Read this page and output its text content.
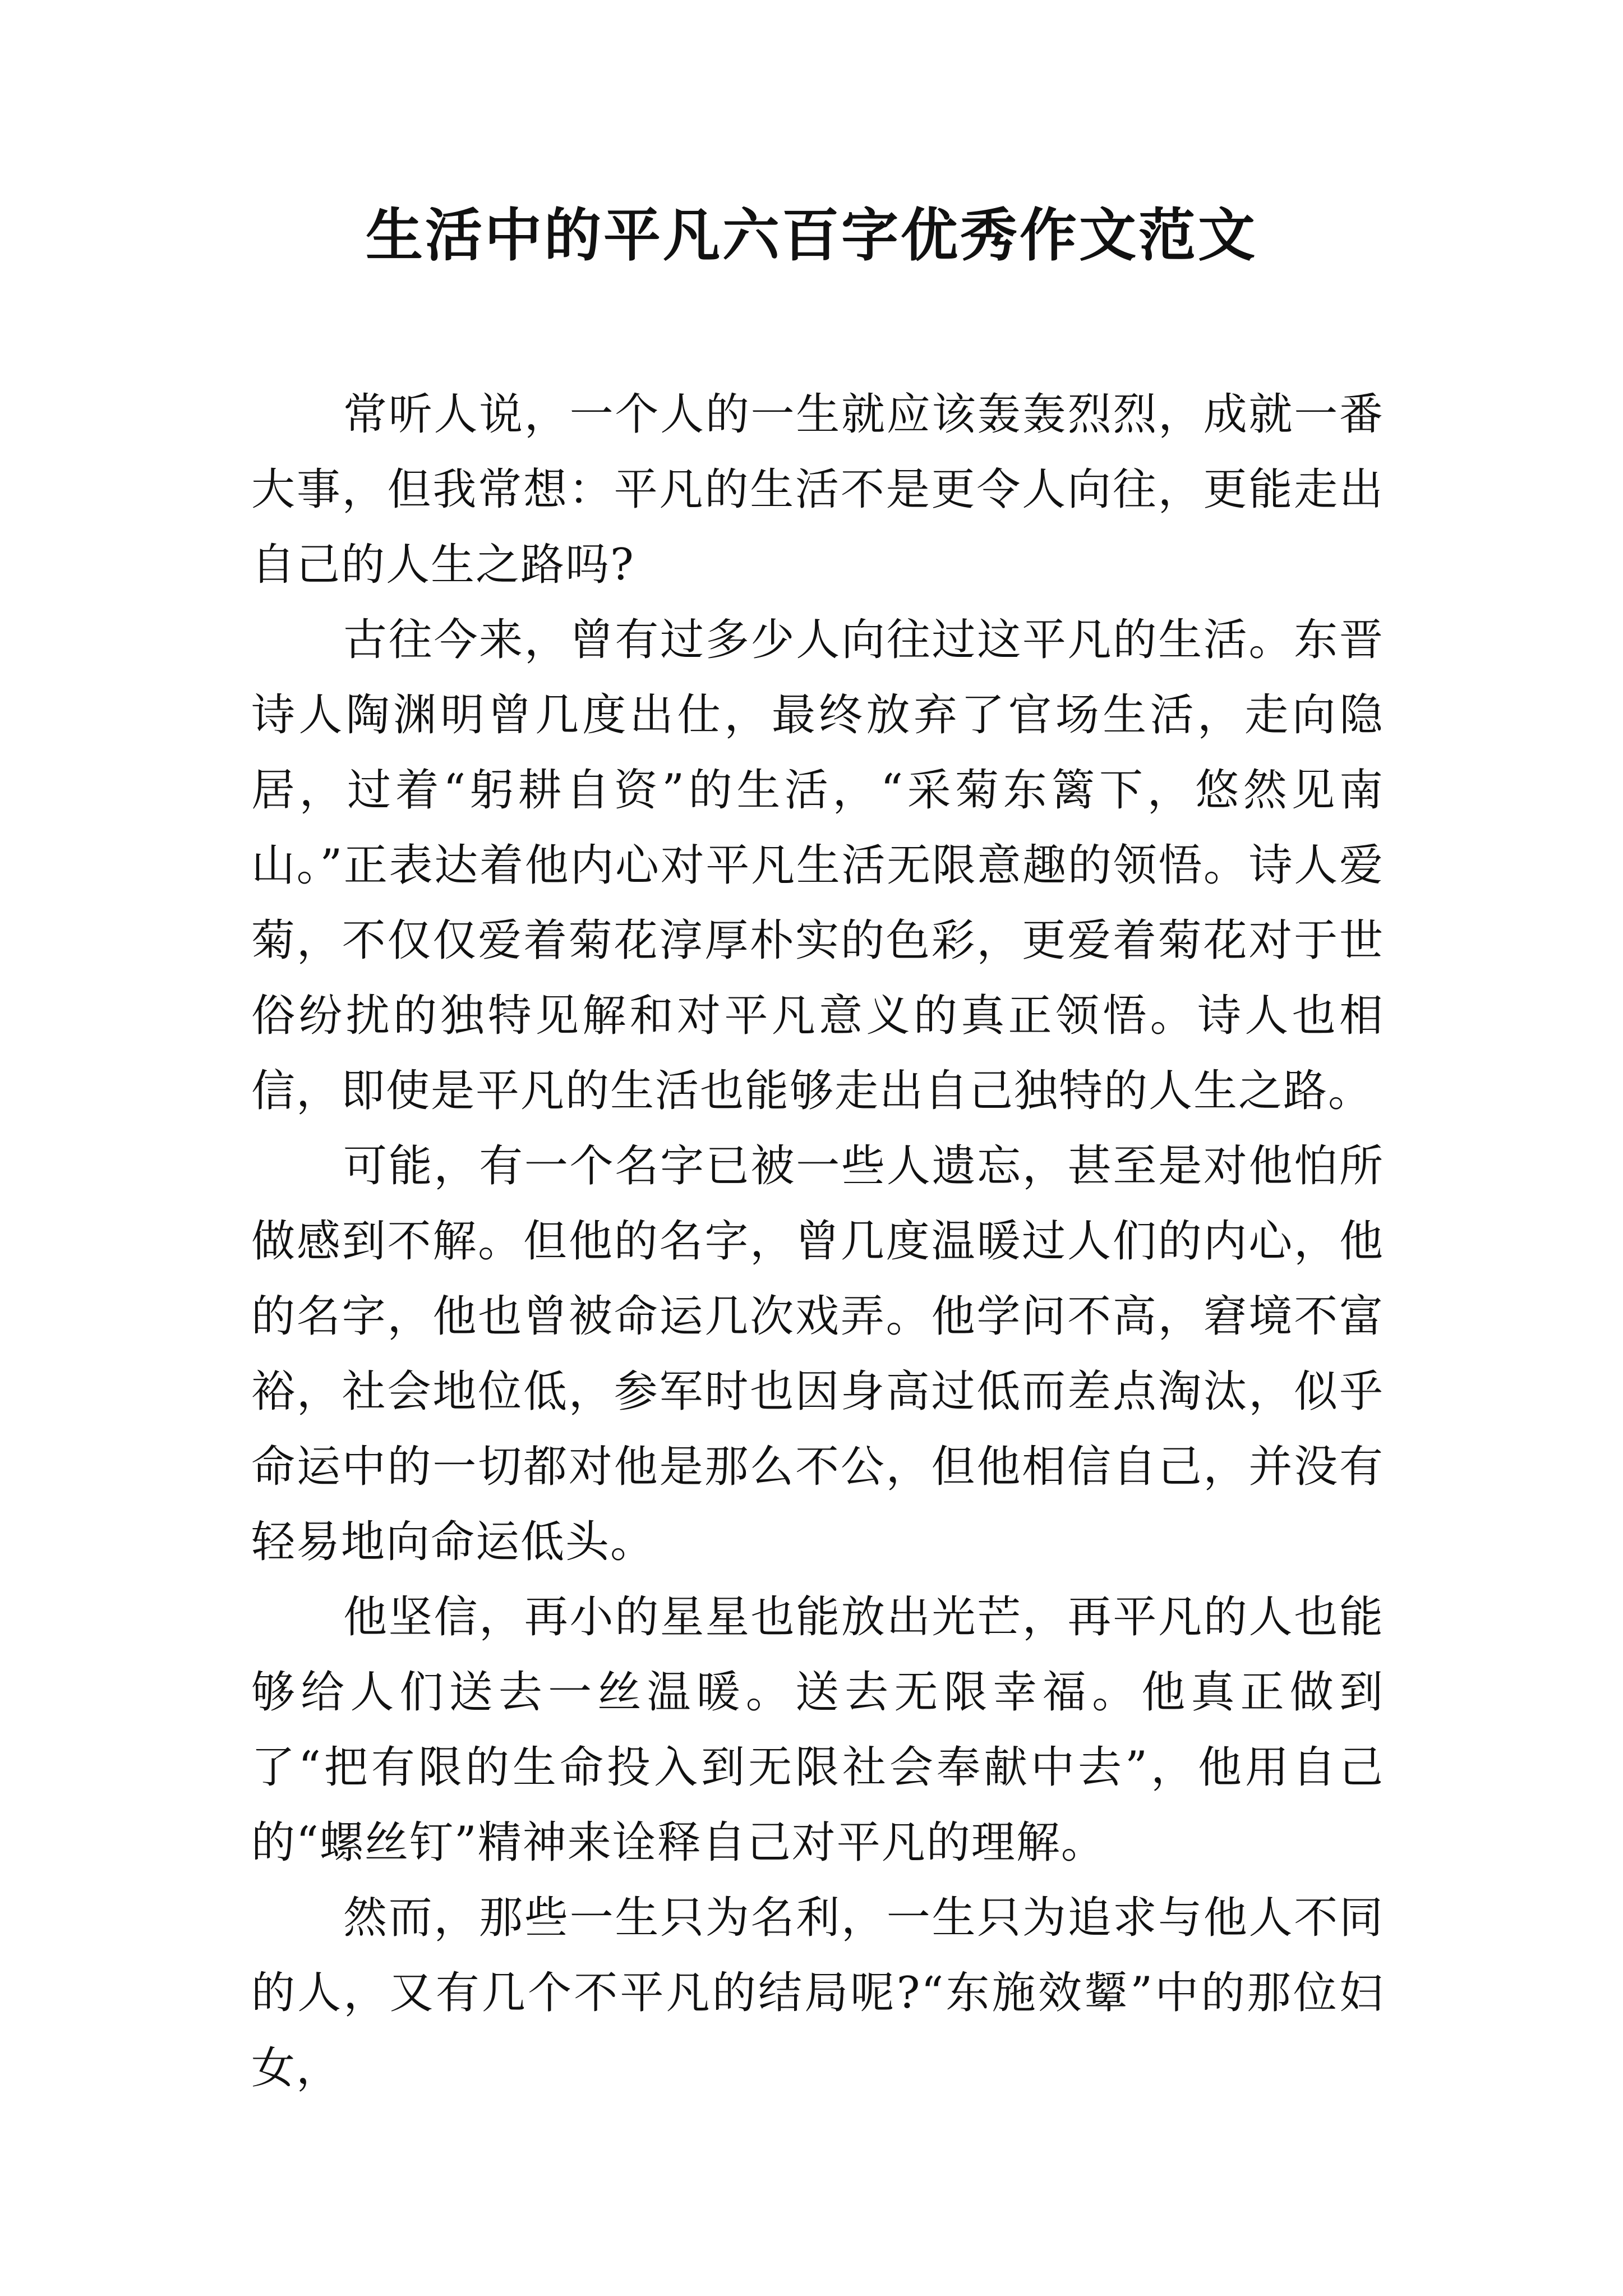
生活中的平凡六百字优秀作文范文

常听人说，一个人的一生就应该轰轰烈烈，成就一番大事，但我常想：平凡的生活不是更令人向往，更能走出自己的人生之路吗?

古往今来，曾有过多少人向往过这平凡的生活。东晋诗人陶渊明曾几度出仕，最终放弃了官场生活，走向隐居，过着“躬耕自资”的生活，“采菊东篱下，悠然见南山。”正表达着他内心对平凡生活无限意趣的领悟。诗人爱菊，不仅仅爱着菊花淳厚朴实的色彩，更爱着菊花对于世俗纷扰的独特见解和对平凡意义的真正领悟。诗人也相信，即使是平凡的生活也能够走出自己独特的人生之路。

可能，有一个名字已被一些人遗忘，甚至是对他怕所做感到不解。但他的名字，曾几度温暖过人们的内心，他的名字，他也曾被命运几次戏弄。他学问不高，窘境不富裕，社会地位低，参军时也因身高过低而差点淘汰，似乎命运中的一切都对他是那么不公，但他相信自己，并没有轻易地向命运低头。

他坚信，再小的星星也能放出光芒，再平凡的人也能够给人们送去一丝温暖。送去无限幸福。他真正做到了“把有限的生命投入到无限社会奉献中去”，他用自己的“螺丝钉”精神来诠释自己对平凡的理解。

然而，那些一生只为名利，一生只为追求与他人不同的人，又有几个不平凡的结局呢?“东施效颦”中的那位妇女，
